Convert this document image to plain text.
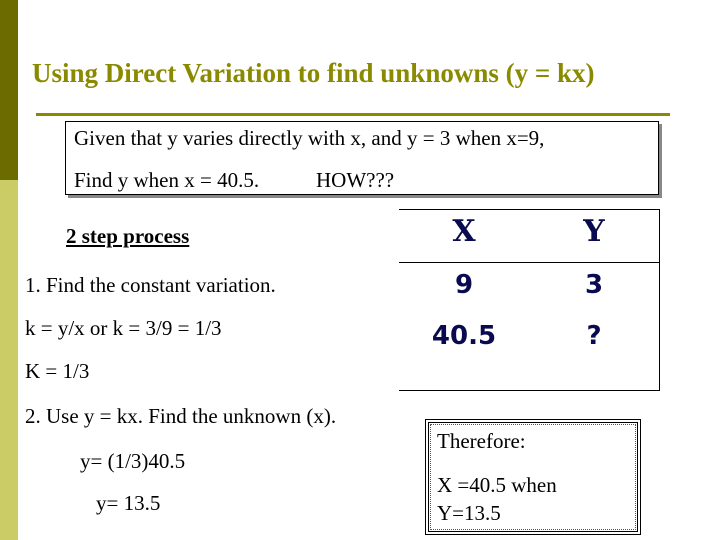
Using Direct Variation to find unknowns (y = kx)
Given that y varies directly with x, and y = 3 when x=9,
Find y when x = 40.5.	HOW???
2 step process
1. Find the constant variation.
k = y/x or k = 3/9 = 1/3
K = 1/3
2. Use y = kx. Find the unknown (x).
y= (1/3)40.5
y= 13.5
X	Y
9	3
40.5	?
Therefore:
X =40.5 when
Y=13.5
